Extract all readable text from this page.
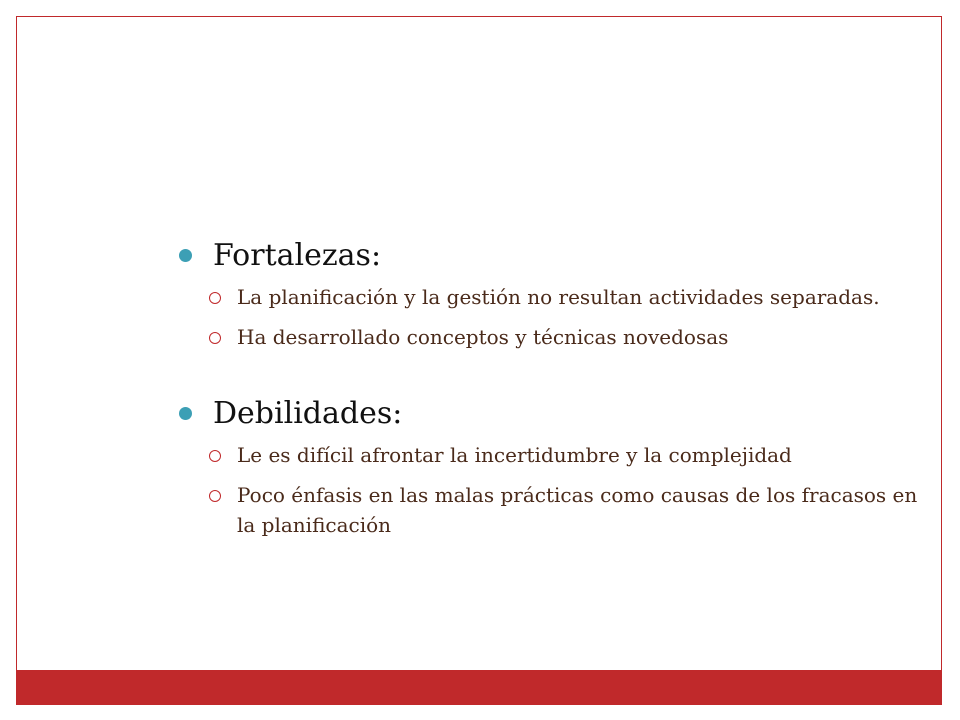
Fortalezas:
La planificación y la gestión no resultan actividades separadas.
Ha desarrollado conceptos y técnicas novedosas
Debilidades:
Le es difícil afrontar la incertidumbre y la complejidad
Poco énfasis en las malas prácticas como causas de los fracasos en la planificación
